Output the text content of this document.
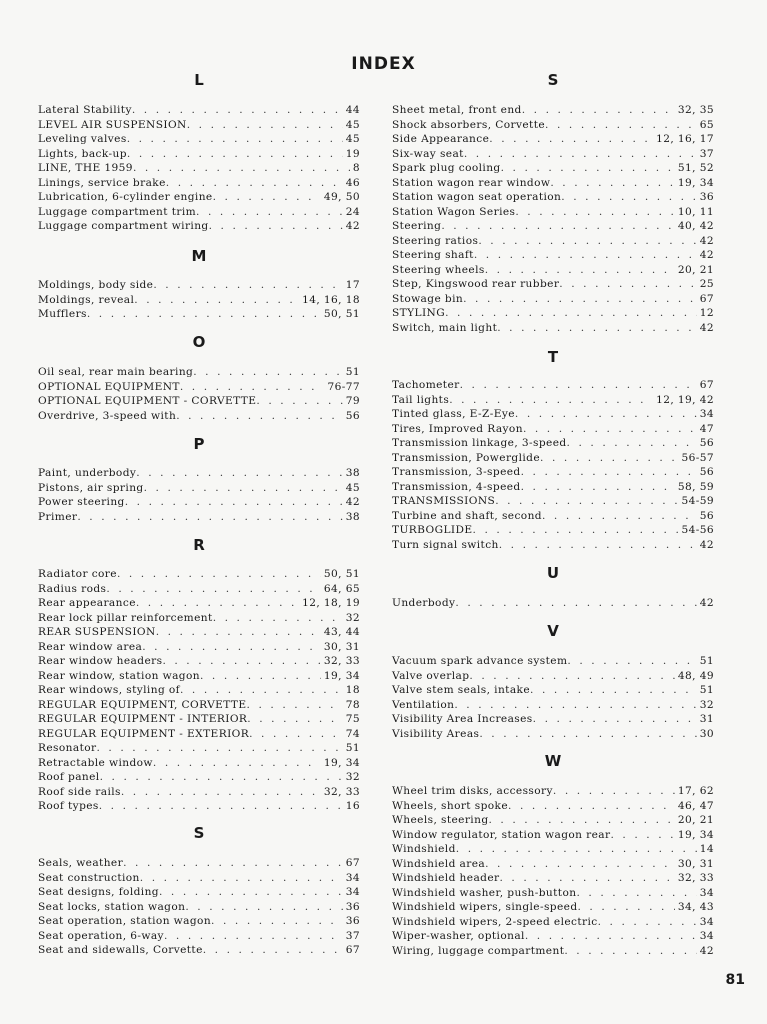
INDEX
L
Lateral Stability . . .	44
LEVEL AIR SUSPENSION . . .	45
Leveling valves . . .	45
Lights, back-up . . .	19
LINE, THE 1959 . . .	8
Linings, service brake . . .	46
Lubrication, 6-cylinder engine . . .	49, 50
Luggage compartment trim . . .	24
Luggage compartment wiring . . .	42
M
Moldings, body side . . .	17
Moldings, reveal . . .	14, 16, 18
Mufflers . . .	50, 51
O
Oil seal, rear main bearing . . .	51
OPTIONAL EQUIPMENT . . .	76-77
OPTIONAL EQUIPMENT - CORVETTE . . .	79
Overdrive, 3-speed with . . .	56
P
Paint, underbody . . .	38
Pistons, air spring . . .	45
Power steering . . .	42
Primer . . .	38
R
Radiator core . . .	50, 51
Radius rods . . .	64, 65
Rear appearance . . .	12, 18, 19
Rear lock pillar reinforcement . . .	32
REAR SUSPENSION . . .	43, 44
Rear window area . . .	30, 31
Rear window headers . . .	32, 33
Rear window, station wagon . . .	19, 34
Rear windows, styling of . . .	18
REGULAR EQUIPMENT, CORVETTE . . .	78
REGULAR EQUIPMENT - INTERIOR . . .	75
REGULAR EQUIPMENT - EXTERIOR . . .	74
Resonator . . .	51
Retractable window . . .	19, 34
Roof panel . . .	32
Roof side rails . . .	32, 33
Roof types . . .	16
S
Seals, weather . . .	67
Seat construction . . .	34
Seat designs, folding . . .	34
Seat locks, station wagon . . .	36
Seat operation, station wagon . . .	36
Seat operation, 6-way . . .	37
Seat and sidewalls, Corvette . . .	67
S
Sheet metal, front end . . .	32, 35
Shock absorbers, Corvette . . .	65
Side Appearance . . .	12, 16, 17
Six-way seat . . .	37
Spark plug cooling . . .	51, 52
Station wagon rear window . . .	19, 34
Station wagon seat operation . . .	36
Station Wagon Series . . .	10, 11
Steering . . .	40, 42
Steering ratios . . .	42
Steering shaft . . .	42
Steering wheels . . .	20, 21
Step, Kingswood rear rubber . . .	25
Stowage bin . . .	67
STYLING . . .	12
Switch, main light . . .	42
T
Tachometer . . .	67
Tail lights . . .	12, 19, 42
Tinted glass, E-Z-Eye . . .	34
Tires, Improved Rayon . . .	47
Transmission linkage, 3-speed . . .	56
Transmission, Powerglide . . .	56-57
Transmission, 3-speed . . .	56
Transmission, 4-speed . . .	58, 59
TRANSMISSIONS . . .	54-59
Turbine and shaft, second . . .	56
TURBOGLIDE . . .	54-56
Turn signal switch . . .	42
U
Underbody . . .	42
V
Vacuum spark advance system . . .	51
Valve overlap . . .	48, 49
Valve stem seals, intake . . .	51
Ventilation . . .	32
Visibility Area Increases . . .	31
Visibility Areas . . .	30
W
Wheel trim disks, accessory . . .	17, 62
Wheels, short spoke . . .	46, 47
Wheels, steering . . .	20, 21
Window regulator, station wagon rear . . .	19, 34
Windshield . . .	14
Windshield area . . .	30, 31
Windshield header . . .	32, 33
Windshield washer, push-button . . .	34
Windshield wipers, single-speed . . .	34, 43
Windshield wipers, 2-speed electric . . .	34
Wiper-washer, optional . . .	34
Wiring, luggage compartment . . .	42
81
